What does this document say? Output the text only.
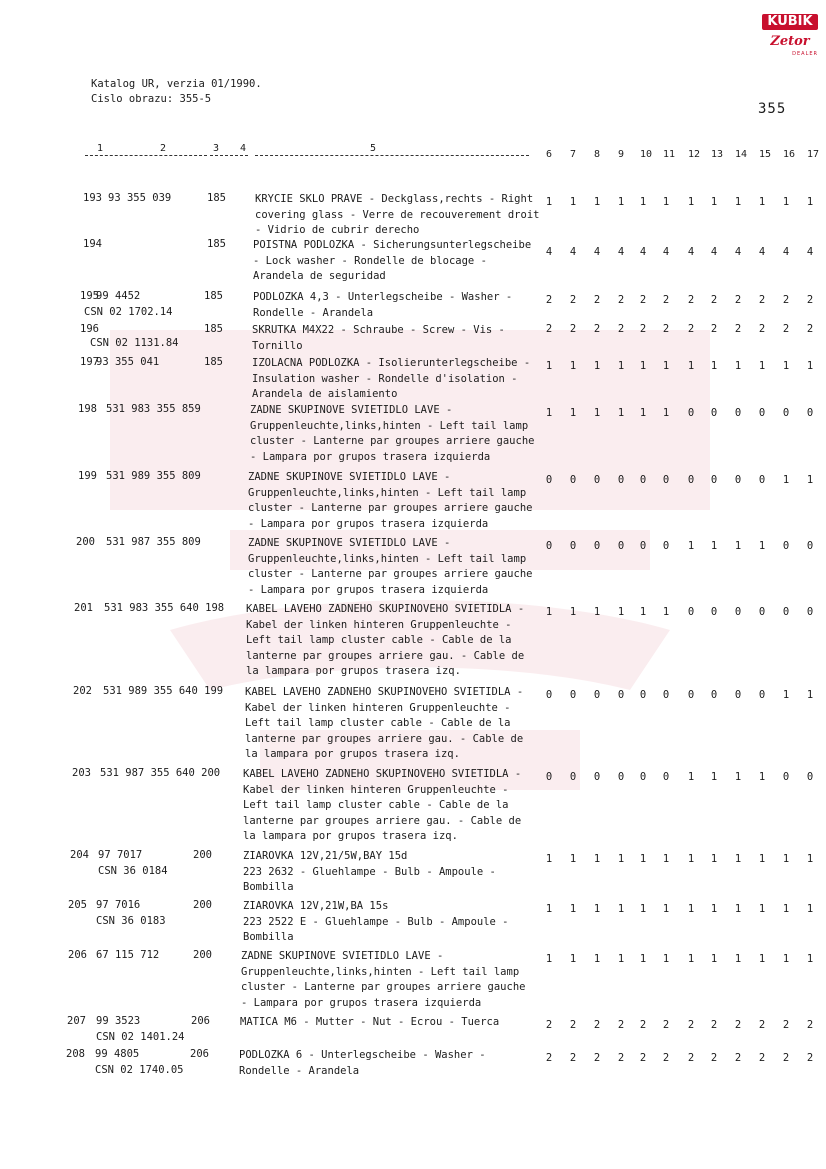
KUBIK
Zetor
DEALER
Katalog UR, verzia 01/1990.
Cislo obrazu: 355-5
355
1	2	3 4	5
6 7 8 9 10 11 12 13 14 15 16 17
193 93 355 039	185	KRYCIE SKLO PRAVE - Deckglass,rechts - Right
covering glass - Verre de recouverement droit
- Vidrio de cubrir derecho
1	1	1	1	1	1	1	1	1	1	1	1
194	185	POISTNA PODLOZKA - Sicherungsunterlegscheibe
- Lock washer - Rondelle de blocage -
Arandela de seguridad
4	4	4	4	4	4	4	4	4	4	4	4
195
99 4452
CSN 02 1702.14
185	PODLOZKA 4,3 - Unterlegscheibe - Washer -
Rondelle - Arandela
2	2	2	2	2	2	2	2	2	2	2	2
196
CSN 02 1131.84
185	SKRUTKA M4X22 - Schraube - Screw - Vis -
Tornillo
2	2	2	2	2	2	2	2	2	2	2	2
197
93 355 041	185	IZOLACNA PODLOZKA - Isolierunterlegscheibe -
Insulation washer - Rondelle d'isolation -
Arandela de aislamiento
1	1	1	1	1	1	1	1	1	1	1	1
198 531 983 355 859	ZADNE SKUPINOVE SVIETIDLO LAVE -
Gruppenleuchte,links,hinten - Left tail lamp
cluster - Lanterne par groupes arriere gauche
- Lampara por grupos trasera izquierda
1	1	1	1	1	1	0	0	0	0	0	0
199 531 989 355 809	ZADNE SKUPINOVE SVIETIDLO LAVE -
Gruppenleuchte,links,hinten - Left tail lamp
cluster - Lanterne par groupes arriere gauche
- Lampara por grupos trasera izquierda
0	0	0	0	0	0	0	0	0	0	1	1
200 531 987 355 809	ZADNE SKUPINOVE SVIETIDLO LAVE -
Gruppenleuchte,links,hinten - Left tail lamp
cluster - Lanterne par groupes arriere gauche
- Lampara por grupos trasera izquierda
0	0	0	0	0	0	1	1	1	1	0	0
201 531 983 355 640 198 KABEL LAVEHO ZADNEHO SKUPINOVEHO SVIETIDLA -
Kabel der linken hinteren Gruppenleuchte -
Left tail lamp cluster cable - Cable de la
lanterne par groupes arriere gau. - Cable de
la lampara por grupos trasera izq.
1	1	1	1	1	1	0	0	0	0	0	0
202 531 989 355 640 199 KABEL LAVEHO ZADNEHO SKUPINOVEHO SVIETIDLA -
Kabel der linken hinteren Gruppenleuchte -
Left tail lamp cluster cable - Cable de la
lanterne par groupes arriere gau. - Cable de
la lampara por grupos trasera izq.
0	0	0	0	0	0	0	0	0	0	1	1
203 531 987 355 640 200 KABEL LAVEHO ZADNEHO SKUPINOVEHO SVIETIDLA -
Kabel der linken hinteren Gruppenleuchte -
Left tail lamp cluster cable - Cable de la
lanterne par groupes arriere gau. - Cable de
la lampara por grupos trasera izq.
0	0	0	0	0	0	1	1	1	1	0	0
204 97 7017
CSN 36 0184
200	ZIAROVKA 12V,21/5W,BAY 15d
223 2632 - Gluehlampe - Bulb - Ampoule -
Bombilla
1	1	1	1	1	1	1	1	1	1	1	1
205 97 7016
CSN 36 0183
200	ZIAROVKA 12V,21W,BA 15s
223 2522 E - Gluehlampe - Bulb - Ampoule -
Bombilla
1	1	1	1	1	1	1	1	1	1	1	1
206 67 115 712	200	ZADNE SKUPINOVE SVIETIDLO LAVE -
Gruppenleuchte,links,hinten - Left tail lamp
cluster - Lanterne par groupes arriere gauche
- Lampara por grupos trasera izquierda
1	1	1	1	1	1	1	1	1	1	1	1
207 99 3523
CSN 02 1401.24
206	MATICA M6 - Mutter - Nut - Ecrou - Tuerca	2	2	2	2	2	2	2	2	2	2	2	2
208 99 4805
CSN 02 1740.05
206	PODLOZKA 6 - Unterlegscheibe - Washer -
Rondelle - Arandela
2	2	2	2	2	2	2	2	2	2	2	2
